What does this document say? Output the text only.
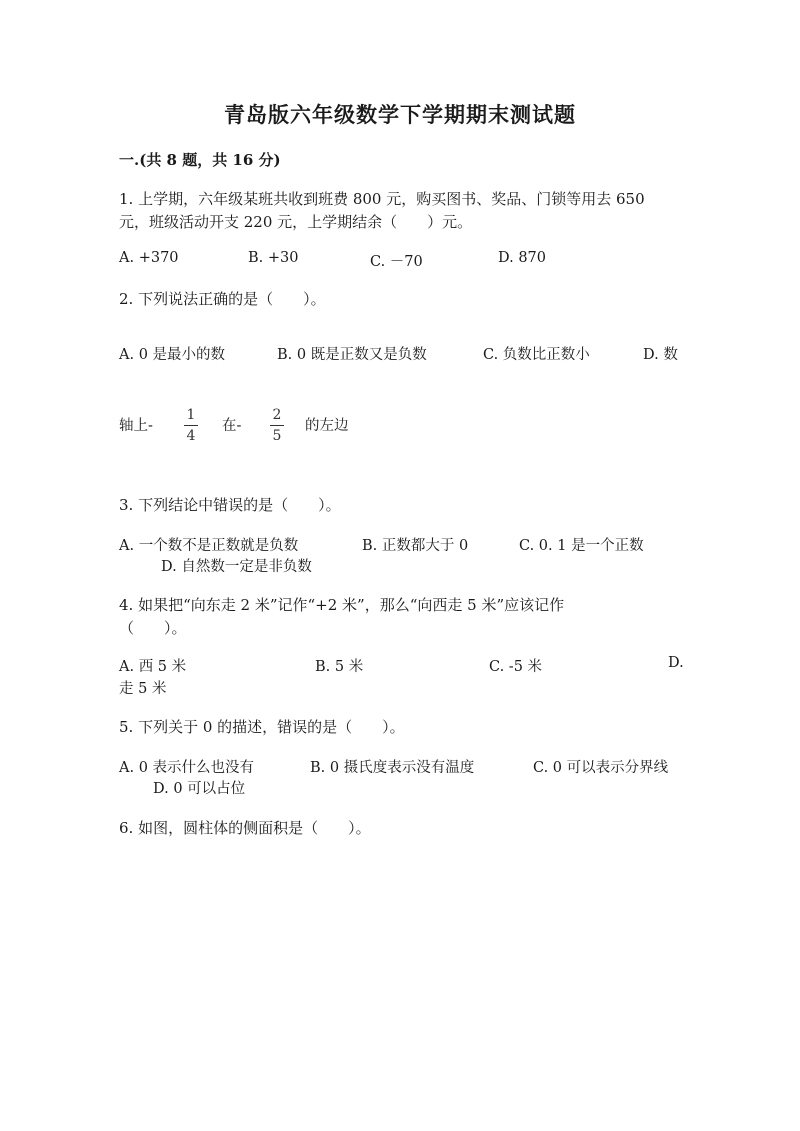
青岛版六年级数学下学期期末测试题
一.(共 8 题，共 16 分)
1. 上学期，六年级某班共收到班费 800 元，购买图书、奖品、门锁等用去 650
元，班级活动开支 220 元，上学期结余（　　）元。
A. +370	B. +30	C. －70	D. 870
2. 下列说法正确的是（　　）。
A. 0 是最小的数	B. 0 既是正数又是负数	C. 负数比正数小	D. 数
轴上-
1
4
在-
2
5
的左边
3. 下列结论中错误的是（　　）。
A. 一个数不是正数就是负数	B. 正数都大于 0	C. 0. 1 是一个正数
D. 自然数一定是非负数
4. 如果把“向东走 2 米”记作“+2 米”，那么“向西走 5 米”应该记作
（　　）。
A. 西 5 米	B. 5 米	C. -5 米	D.
走 5 米
5. 下列关于 0 的描述，错误的是（　　）。
A. 0 表示什么也没有	B. 0 摄氏度表示没有温度	C. 0 可以表示分界线
D. 0 可以占位
6. 如图，圆柱体的侧面积是（　　）。
